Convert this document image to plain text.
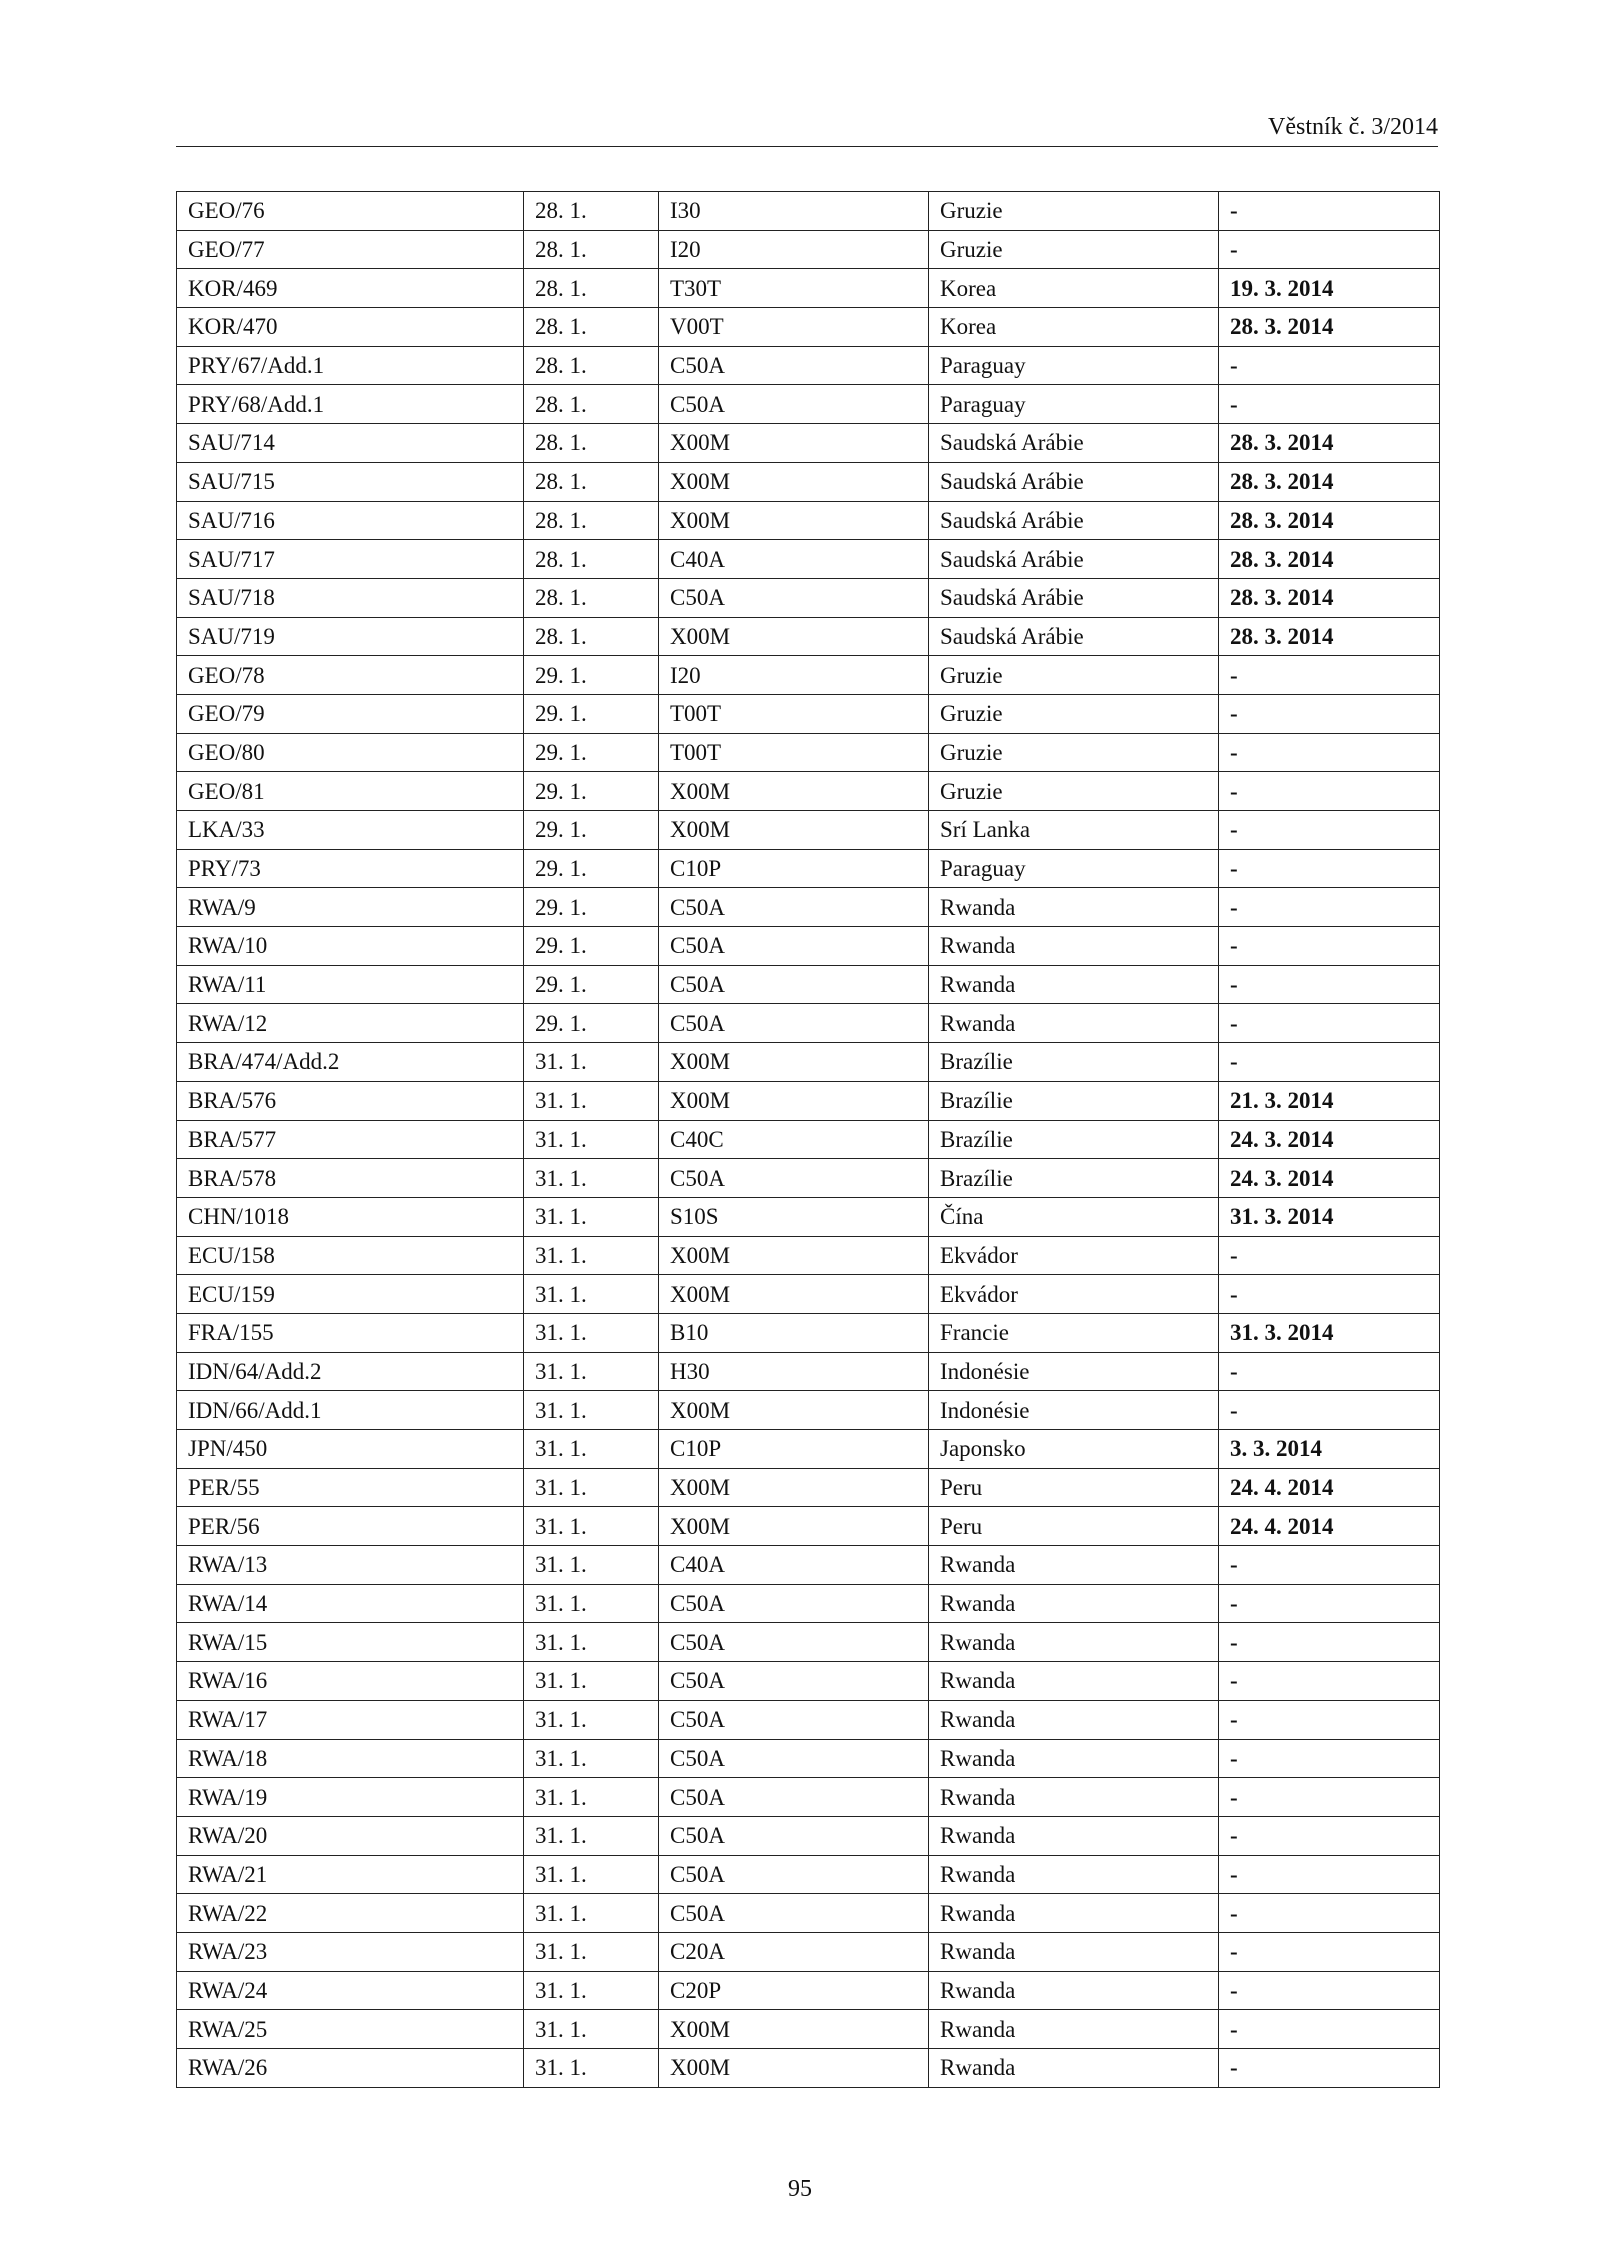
Věstník č. 3/2014
GEO/76	28. 1.	I30	Gruzie	-
GEO/77	28. 1.	I20	Gruzie	-
KOR/469	28. 1.	T30T	Korea	19. 3. 2014
KOR/470	28. 1.	V00T	Korea	28. 3. 2014
PRY/67/Add.1	28. 1.	C50A	Paraguay	-
PRY/68/Add.1	28. 1.	C50A	Paraguay	-
SAU/714	28. 1.	X00M	Saudská Arábie	28. 3. 2014
SAU/715	28. 1.	X00M	Saudská Arábie	28. 3. 2014
SAU/716	28. 1.	X00M	Saudská Arábie	28. 3. 2014
SAU/717	28. 1.	C40A	Saudská Arábie	28. 3. 2014
SAU/718	28. 1.	C50A	Saudská Arábie	28. 3. 2014
SAU/719	28. 1.	X00M	Saudská Arábie	28. 3. 2014
GEO/78	29. 1.	I20	Gruzie	-
GEO/79	29. 1.	T00T	Gruzie	-
GEO/80	29. 1.	T00T	Gruzie	-
GEO/81	29. 1.	X00M	Gruzie	-
LKA/33	29. 1.	X00M	Srí Lanka	-
PRY/73	29. 1.	C10P	Paraguay	-
RWA/9	29. 1.	C50A	Rwanda	-
RWA/10	29. 1.	C50A	Rwanda	-
RWA/11	29. 1.	C50A	Rwanda	-
RWA/12	29. 1.	C50A	Rwanda	-
BRA/474/Add.2	31. 1.	X00M	Brazílie	-
BRA/576	31. 1.	X00M	Brazílie	21. 3. 2014
BRA/577	31. 1.	C40C	Brazílie	24. 3. 2014
BRA/578	31. 1.	C50A	Brazílie	24. 3. 2014
CHN/1018	31. 1.	S10S	Čína	31. 3. 2014
ECU/158	31. 1.	X00M	Ekvádor	-
ECU/159	31. 1.	X00M	Ekvádor	-
FRA/155	31. 1.	B10	Francie	31. 3. 2014
IDN/64/Add.2	31. 1.	H30	Indonésie	-
IDN/66/Add.1	31. 1.	X00M	Indonésie	-
JPN/450	31. 1.	C10P	Japonsko	3. 3. 2014
PER/55	31. 1.	X00M	Peru	24. 4. 2014
PER/56	31. 1.	X00M	Peru	24. 4. 2014
RWA/13	31. 1.	C40A	Rwanda	-
RWA/14	31. 1.	C50A	Rwanda	-
RWA/15	31. 1.	C50A	Rwanda	-
RWA/16	31. 1.	C50A	Rwanda	-
RWA/17	31. 1.	C50A	Rwanda	-
RWA/18	31. 1.	C50A	Rwanda	-
RWA/19	31. 1.	C50A	Rwanda	-
RWA/20	31. 1.	C50A	Rwanda	-
RWA/21	31. 1.	C50A	Rwanda	-
RWA/22	31. 1.	C50A	Rwanda	-
RWA/23	31. 1.	C20A	Rwanda	-
RWA/24	31. 1.	C20P	Rwanda	-
RWA/25	31. 1.	X00M	Rwanda	-
RWA/26	31. 1.	X00M	Rwanda	-
95
